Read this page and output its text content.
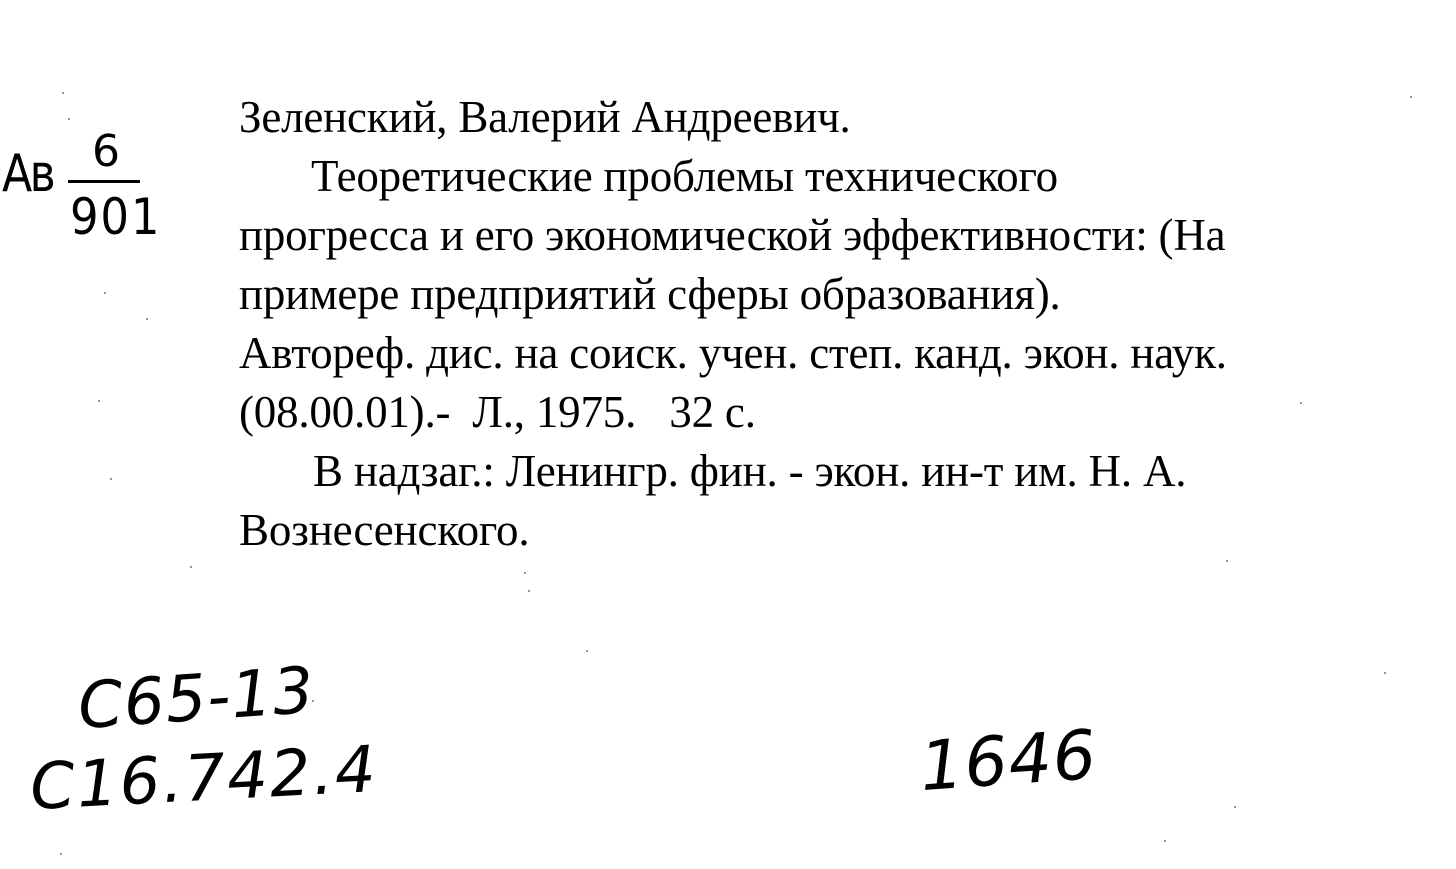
Ав 6
901

Зеленский, Валерий Андреевич.

Теоретические проблемы технического

прогресса и его экономической эффективности: (На

примере предприятий сферы образования).

Автореф. дис. на соиск. учен. степ. канд. экон. наук.

(08.00.01).-  Л., 1975.   32 с.

В надзаг.: Ленингр. фин. - экон. ин-т им. Н. А.

Вознесенского.

С65-13
С16.742.4	1646
